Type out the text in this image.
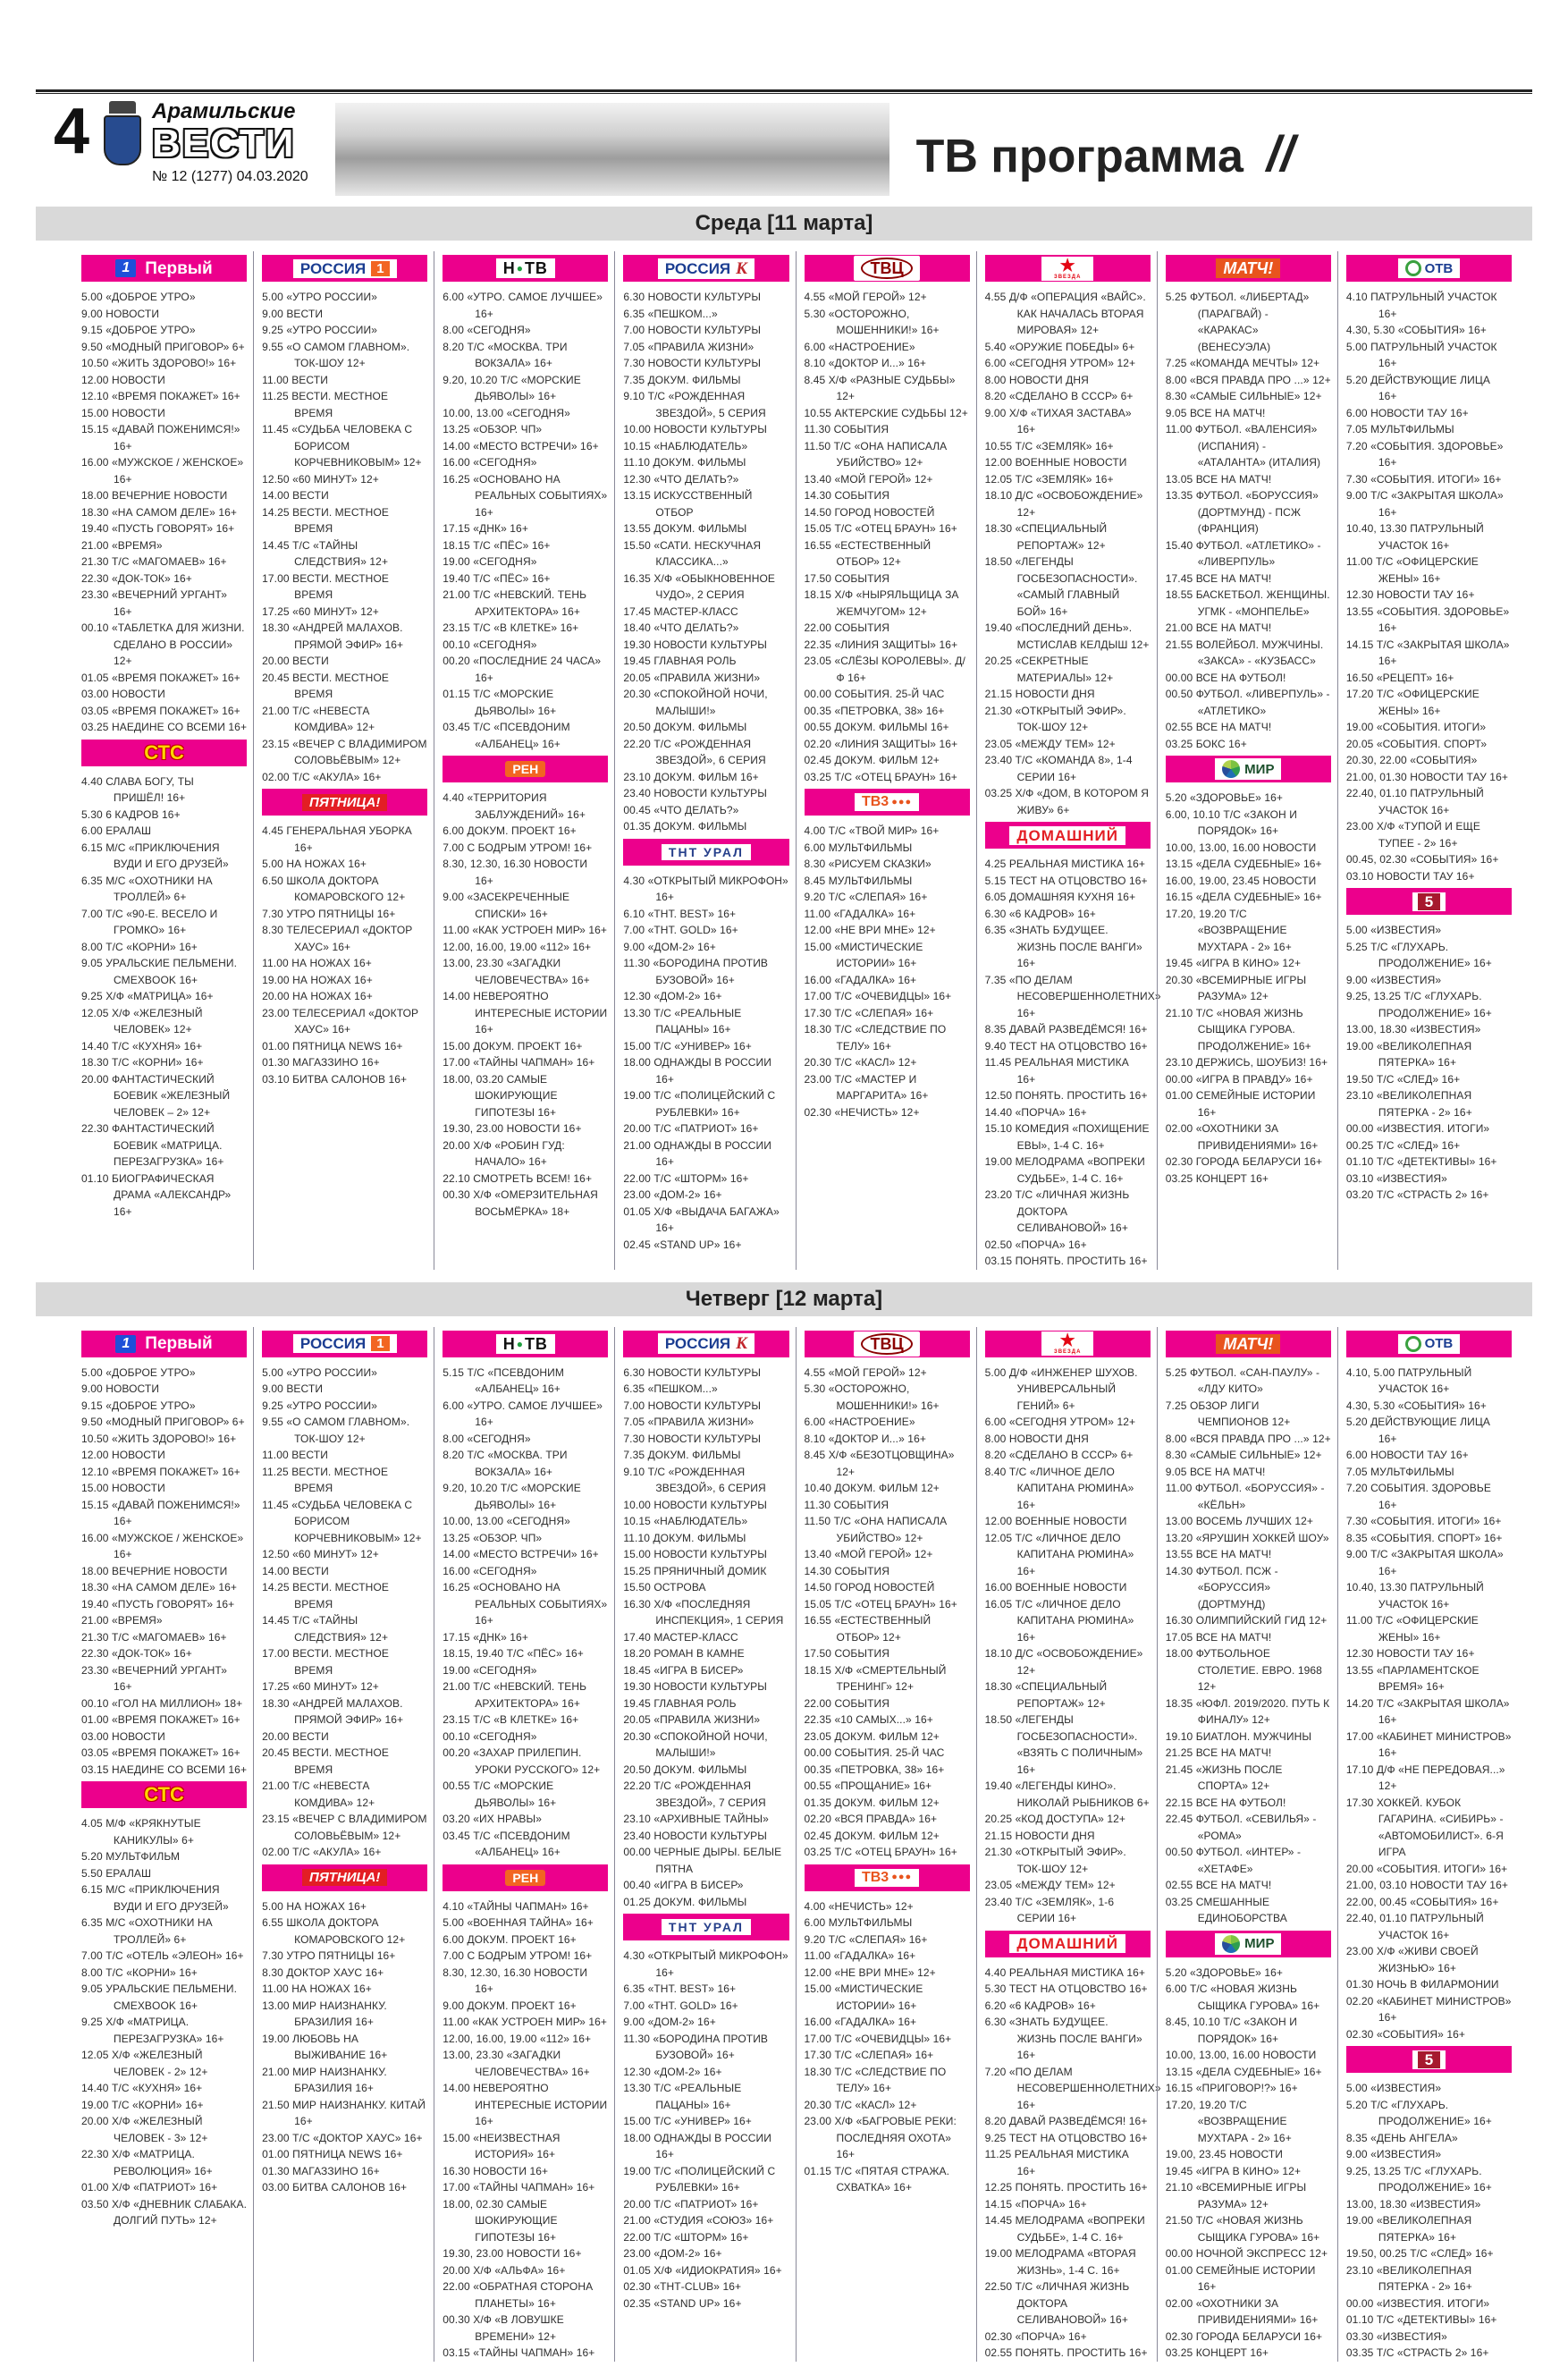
4	Арамильские
ВЕСТИ
№ 12 (1277) 04.03.2020	ТВ программа //
Среда [11 марта]
1 Первый
5.00 «ДОБРОЕ УТРО»
9.00 НОВОСТИ
9.15 «ДОБРОЕ УТРО»
9.50 «МОДНЫЙ ПРИГОВОР» 6+
10.50 «ЖИТЬ ЗДОРОВО!» 16+
12.00 НОВОСТИ
12.10 «ВРЕМЯ ПОКАЖЕТ» 16+
15.00 НОВОСТИ
15.15 «ДАВАЙ ПОЖЕНИМСЯ!» 16+
16.00 «МУЖСКОЕ / ЖЕНСКОЕ» 16+
18.00 ВЕЧЕРНИЕ НОВОСТИ
18.30 «НА САМОМ ДЕЛЕ» 16+
19.40 «ПУСТЬ ГОВОРЯТ» 16+
21.00 «ВРЕМЯ»
21.30 Т/С «МАГОМАЕВ» 16+
22.30 «ДОК-ТОК» 16+
23.30 «ВЕЧЕРНИЙ УРГАНТ» 16+
00.10 «ТАБЛЕТКА ДЛЯ ЖИЗНИ. СДЕЛАНО В РОССИИ» 12+
01.05 «ВРЕМЯ ПОКАЖЕТ» 16+
03.00 НОВОСТИ
03.05 «ВРЕМЯ ПОКАЖЕТ» 16+
03.25 НАЕДИНЕ СО ВСЕМИ 16+
СТС
4.40 СЛАВА БОГУ, ТЫ ПРИШЁЛ! 16+
5.30 6 КАДРОВ 16+
6.00 ЕРАЛАШ
6.15 М/С «ПРИКЛЮЧЕНИЯ ВУДИ И ЕГО ДРУЗЕЙ»
6.35 М/С «ОХОТНИКИ НА ТРОЛЛЕЙ» 6+
7.00 Т/С «90-Е. ВЕСЕЛО И ГРОМКО» 16+
8.00 Т/С «КОРНИ» 16+
9.05 УРАЛЬСКИЕ ПЕЛЬМЕНИ. СМЕХBOOK 16+
9.25 Х/Ф «МАТРИЦА» 16+
12.05 Х/Ф «ЖЕЛЕЗНЫЙ ЧЕЛОВЕК» 12+
14.40 Т/С «КУХНЯ» 16+
18.30 Т/С «КОРНИ» 16+
20.00 ФАНТАСТИЧЕСКИЙ БОЕВИК «ЖЕЛЕЗНЫЙ ЧЕЛОВЕК – 2» 12+
22.30 ФАНТАСТИЧЕСКИЙ БОЕВИК «МАТРИЦА. ПЕРЕЗАГРУЗКА» 16+
01.10 БИОГРАФИЧЕСКАЯ ДРАМА «АЛЕКСАНДР» 16+
РОССИЯ 1
5.00 «УТРО РОССИИ»
9.00 ВЕСТИ
9.25 «УТРО РОССИИ»
9.55 «О САМОМ ГЛАВНОМ». ТОК-ШОУ 12+
11.00 ВЕСТИ
11.25 ВЕСТИ. МЕСТНОЕ ВРЕМЯ
11.45 «СУДЬБА ЧЕЛОВЕКА С БОРИСОМ КОРЧЕВНИКОВЫМ» 12+
12.50 «60 МИНУТ» 12+
14.00 ВЕСТИ
14.25 ВЕСТИ. МЕСТНОЕ ВРЕМЯ
14.45 Т/С «ТАЙНЫ СЛЕДСТВИЯ» 12+
17.00 ВЕСТИ. МЕСТНОЕ ВРЕМЯ
17.25 «60 МИНУТ» 12+
18.30 «АНДРЕЙ МАЛАХОВ. ПРЯМОЙ ЭФИР» 16+
20.00 ВЕСТИ
20.45 ВЕСТИ. МЕСТНОЕ ВРЕМЯ
21.00 Т/С «НЕВЕСТА КОМДИВА» 12+
23.15 «ВЕЧЕР С ВЛАДИМИРОМ СОЛОВЬЁВЫМ» 12+
02.00 Т/С «АКУЛА» 16+
ПЯТНИЦА!
4.45 ГЕНЕРАЛЬНАЯ УБОРКА 16+
5.00 НА НОЖАХ 16+
6.50 ШКОЛА ДОКТОРА КОМАРОВСКОГО 12+
7.30 УТРО ПЯТНИЦЫ 16+
8.30 ТЕЛЕСЕРИАЛ «ДОКТОР ХАУС» 16+
11.00 НА НОЖАХ 16+
19.00 НА НОЖАХ 16+
20.00 НА НОЖАХ 16+
23.00 ТЕЛЕСЕРИАЛ «ДОКТОР ХАУС» 16+
01.00 ПЯТНИЦА NEWS 16+
01.30 МАГАЗЗИНО 16+
03.10 БИТВА САЛОНОВ 16+
Н ● ТВ
6.00 «УТРО. САМОЕ ЛУЧШЕЕ» 16+
8.00 «СЕГОДНЯ»
8.20 Т/С «МОСКВА. ТРИ ВОКЗАЛА» 16+
9.20, 10.20 Т/С «МОРСКИЕ ДЬЯВОЛЫ» 16+
10.00, 13.00 «СЕГОДНЯ»
13.25 «ОБЗОР. ЧП»
14.00 «МЕСТО ВСТРЕЧИ» 16+
16.00 «СЕГОДНЯ»
16.25 «ОСНОВАНО НА РЕАЛЬНЫХ СОБЫТИЯХ» 16+
17.15 «ДНК» 16+
18.15 Т/С «ПЁС» 16+
19.00 «СЕГОДНЯ»
19.40 Т/С «ПЁС» 16+
21.00 Т/С «НЕВСКИЙ. ТЕНЬ АРХИТЕКТОРА» 16+
23.15 Т/С «В КЛЕТКЕ» 16+
00.10 «СЕГОДНЯ»
00.20 «ПОСЛЕДНИЕ 24 ЧАСА» 16+
01.15 Т/С «МОРСКИЕ ДЬЯВОЛЫ» 16+
03.45 Т/С «ПСЕВДОНИМ «АЛБАНЕЦ» 16+
РЕН
4.40 «ТЕРРИТОРИЯ ЗАБЛУЖДЕНИЙ» 16+
6.00 ДОКУМ. ПРОЕКТ 16+
7.00 С БОДРЫМ УТРОМ! 16+
8.30, 12.30, 16.30 НОВОСТИ 16+
9.00 «ЗАСЕКРЕЧЕННЫЕ СПИСКИ» 16+
11.00 «КАК УСТРОЕН МИР» 16+
12.00, 16.00, 19.00 «112» 16+
13.00, 23.30 «ЗАГАДКИ ЧЕЛОВЕЧЕСТВА» 16+
14.00 НЕВЕРОЯТНО ИНТЕРЕСНЫЕ ИСТОРИИ 16+
15.00 ДОКУМ. ПРОЕКТ 16+
17.00 «ТАЙНЫ ЧАПМАН» 16+
18.00, 03.20 САМЫЕ ШОКИРУЮЩИЕ ГИПОТЕЗЫ 16+
19.30, 23.00 НОВОСТИ 16+
20.00 Х/Ф «РОБИН ГУД: НАЧАЛО» 16+
22.10 СМОТРЕТЬ ВСЕМ! 16+
00.30 Х/Ф «ОМЕРЗИТЕЛЬНАЯ ВОСЬМЁРКА» 18+
РОССИЯ К
6.30 НОВОСТИ КУЛЬТУРЫ
6.35 «ПЕШКОМ...»
7.00 НОВОСТИ КУЛЬТУРЫ
7.05 «ПРАВИЛА ЖИЗНИ»
7.30 НОВОСТИ КУЛЬТУРЫ
7.35 ДОКУМ. ФИЛЬМЫ
9.10 Т/С «РОЖДЕННАЯ ЗВЕЗДОЙ», 5 СЕРИЯ
10.00 НОВОСТИ КУЛЬТУРЫ
10.15 «НАБЛЮДАТЕЛЬ»
11.10 ДОКУМ. ФИЛЬМЫ
12.30 «ЧТО ДЕЛАТЬ?»
13.15 ИСКУССТВЕННЫЙ ОТБОР
13.55 ДОКУМ. ФИЛЬМЫ
15.50 «САТИ. НЕСКУЧНАЯ КЛАССИКА...»
16.35 Х/Ф «ОБЫКНОВЕННОЕ ЧУДО», 2 СЕРИЯ
17.45 МАСТЕР-КЛАСС
18.40 «ЧТО ДЕЛАТЬ?»
19.30 НОВОСТИ КУЛЬТУРЫ
19.45 ГЛАВНАЯ РОЛЬ
20.05 «ПРАВИЛА ЖИЗНИ»
20.30 «СПОКОЙНОЙ НОЧИ, МАЛЫШИ!»
20.50 ДОКУМ. ФИЛЬМЫ
22.20 Т/С «РОЖДЕННАЯ ЗВЕЗДОЙ», 6 СЕРИЯ
23.10 ДОКУМ. ФИЛЬМ 16+
23.40 НОВОСТИ КУЛЬТУРЫ
00.45 «ЧТО ДЕЛАТЬ?»
01.35 ДОКУМ. ФИЛЬМЫ
ТНТ УРАЛ
4.30 «ОТКРЫТЫЙ МИКРОФОН» 16+
6.10 «ТНТ. BEST» 16+
7.00 «ТНТ. GOLD» 16+
9.00 «ДОМ-2» 16+
11.30 «БОРОДИНА ПРОТИВ БУЗОВОЙ» 16+
12.30 «ДОМ-2» 16+
13.30 Т/С «РЕАЛЬНЫЕ ПАЦАНЫ» 16+
15.00 Т/С «УНИВЕР» 16+
18.00 ОДНАЖДЫ В РОССИИ 16+
19.00 Т/С «ПОЛИЦЕЙСКИЙ С РУБЛЕВКИ» 16+
20.00 Т/С «ПАТРИОТ» 16+
21.00 ОДНАЖДЫ В РОССИИ 16+
22.00 Т/С «ШТОРМ» 16+
23.00 «ДОМ-2» 16+
01.05 Х/Ф «ВЫДАЧА БАГАЖА» 16+
02.45 «STAND UP» 16+
ТВЦ
4.55 «МОЙ ГЕРОЙ» 12+
5.30 «ОСТОРОЖНО, МОШЕННИКИ!» 16+
6.00 «НАСТРОЕНИЕ»
8.10 «ДОКТОР И...» 16+
8.45 Х/Ф «РАЗНЫЕ СУДЬБЫ» 12+
10.55 АКТЕРСКИЕ СУДЬБЫ 12+
11.30 СОБЫТИЯ
11.50 Т/С «ОНА НАПИСАЛА УБИЙСТВО» 12+
13.40 «МОЙ ГЕРОЙ» 12+
14.30 СОБЫТИЯ
14.50 ГОРОД НОВОСТЕЙ
15.05 Т/С «ОТЕЦ БРАУН» 16+
16.55 «ЕСТЕСТВЕННЫЙ ОТБОР» 12+
17.50 СОБЫТИЯ
18.15 Х/Ф «НЫРЯЛЬЩИЦА ЗА ЖЕМЧУГОМ» 12+
22.00 СОБЫТИЯ
22.35 «ЛИНИЯ ЗАЩИТЫ» 16+
23.05 «СЛЁЗЫ КОРОЛЕВЫ». Д/Ф 16+
00.00 СОБЫТИЯ. 25-Й ЧАС
00.35 «ПЕТРОВКА, 38» 16+
00.55 ДОКУМ. ФИЛЬМЫ 16+
02.20 «ЛИНИЯ ЗАЩИТЫ» 16+
02.45 ДОКУМ. ФИЛЬМ 12+
03.25 Т/С «ОТЕЦ БРАУН» 16+
ТВ3 ●●●
4.00 Т/С «ТВОЙ МИР» 16+
6.00 МУЛЬТФИЛЬМЫ
8.30 «РИСУЕМ СКАЗКИ»
8.45 МУЛЬТФИЛЬМЫ
9.20 Т/С «СЛЕПАЯ» 16+
11.00 «ГАДАЛКА» 16+
12.00 «НЕ ВРИ МНЕ» 12+
15.00 «МИСТИЧЕСКИЕ ИСТОРИИ» 16+
16.00 «ГАДАЛКА» 16+
17.00 Т/С «ОЧЕВИДЦЫ» 16+
17.30 Т/С «СЛЕПАЯ» 16+
18.30 Т/С «СЛЕДСТВИЕ ПО ТЕЛУ» 16+
20.30 Т/С «КАСЛ» 12+
23.00 Т/С «МАСТЕР И МАРГАРИТА» 16+
02.30 «НЕЧИСТЬ» 12+
★
ЗВЕЗДА
4.55 Д/Ф «ОПЕРАЦИЯ «ВАЙС». КАК НАЧАЛАСЬ ВТОРАЯ МИРОВАЯ» 12+
5.40 «ОРУЖИЕ ПОБЕДЫ» 6+
6.00 «СЕГОДНЯ УТРОМ» 12+
8.00 НОВОСТИ ДНЯ
8.20 «СДЕЛАНО В СССР» 6+
9.00 Х/Ф «ТИХАЯ ЗАСТАВА» 16+
10.55 Т/С «ЗЕМЛЯК» 16+
12.00 ВОЕННЫЕ НОВОСТИ
12.05 Т/С «ЗЕМЛЯК» 16+
18.10 Д/С «ОСВОБОЖДЕНИЕ» 12+
18.30 «СПЕЦИАЛЬНЫЙ РЕПОРТАЖ» 12+
18.50 «ЛЕГЕНДЫ ГОСБЕЗОПАСНОСТИ». «САМЫЙ ГЛАВНЫЙ БОЙ» 16+
19.40 «ПОСЛЕДНИЙ ДЕНЬ». МСТИСЛАВ КЕЛДЫШ 12+
20.25 «СЕКРЕТНЫЕ МАТЕРИАЛЫ» 12+
21.15 НОВОСТИ ДНЯ
21.30 «ОТКРЫТЫЙ ЭФИР». ТОК-ШОУ 12+
23.05 «МЕЖДУ ТЕМ» 12+
23.40 Т/С «КОМАНДА 8», 1-4 СЕРИИ 16+
03.25 Х/Ф «ДОМ, В КОТОРОМ Я ЖИВУ» 6+
ДОМАШНИЙ
4.25 РЕАЛЬНАЯ МИСТИКА 16+
5.15 ТЕСТ НА ОТЦОВСТВО 16+
6.05 ДОМАШНЯЯ КУХНЯ 16+
6.30 «6 КАДРОВ» 16+
6.35 «ЗНАТЬ БУДУЩЕЕ. ЖИЗНЬ ПОСЛЕ ВАНГИ» 16+
7.35 «ПО ДЕЛАМ НЕСОВЕРШЕННОЛЕТНИХ» 16+
8.35 ДАВАЙ РАЗВЕДЁМСЯ! 16+
9.40 ТЕСТ НА ОТЦОВСТВО 16+
11.45 РЕАЛЬНАЯ МИСТИКА 16+
12.50 ПОНЯТЬ. ПРОСТИТЬ 16+
14.40 «ПОРЧА» 16+
15.10 КОМЕДИЯ «ПОХИЩЕНИЕ ЕВЫ», 1-4 С. 16+
19.00 МЕЛОДРАМА «ВОПРЕКИ СУДЬБЕ», 1-4 С. 16+
23.20 Т/С «ЛИЧНАЯ ЖИЗНЬ ДОКТОРА СЕЛИВАНОВОЙ» 16+
02.50 «ПОРЧА» 16+
03.15 ПОНЯТЬ. ПРОСТИТЬ 16+
МАТЧ!
5.25 ФУТБОЛ. «ЛИБЕРТАД» (ПАРАГВАЙ) - «КАРАКАС» (ВЕНЕСУЭЛА)
7.25 «КОМАНДА МЕЧТЫ» 12+
8.00 «ВСЯ ПРАВДА ПРО ...» 12+
8.30 «САМЫЕ СИЛЬНЫЕ» 12+
9.05 ВСЕ НА МАТЧ!
11.00 ФУТБОЛ. «ВАЛЕНСИЯ» (ИСПАНИЯ) - «АТАЛАНТА» (ИТАЛИЯ)
13.05 ВСЕ НА МАТЧ!
13.35 ФУТБОЛ. «БОРУССИЯ» (ДОРТМУНД) - ПСЖ (ФРАНЦИЯ)
15.40 ФУТБОЛ. «АТЛЕТИКО» - «ЛИВЕРПУЛЬ»
17.45 ВСЕ НА МАТЧ!
18.55 БАСКЕТБОЛ. ЖЕНЩИНЫ. УГМК - «МОНПЕЛЬЕ»
21.00 ВСЕ НА МАТЧ!
21.55 ВОЛЕЙБОЛ. МУЖЧИНЫ. «ЗАКСА» - «КУЗБАСС»
00.00 ВСЕ НА ФУТБОЛ!
00.50 ФУТБОЛ. «ЛИВЕРПУЛЬ» - «АТЛЕТИКО»
02.55 ВСЕ НА МАТЧ!
03.25 БОКС 16+
МИР
5.20 «ЗДОРОВЬЕ» 16+
6.00, 10.10 Т/С «ЗАКОН И ПОРЯДОК» 16+
10.00, 13.00, 16.00 НОВОСТИ
13.15 «ДЕЛА СУДЕБНЫЕ» 16+
16.00, 19.00, 23.45 НОВОСТИ
16.15 «ДЕЛА СУДЕБНЫЕ» 16+
17.20, 19.20 Т/С «ВОЗВРАЩЕНИЕ МУХТАРА - 2» 16+
19.45 «ИГРА В КИНО» 12+
20.30 «ВСЕМИРНЫЕ ИГРЫ РАЗУМА» 12+
21.10 Т/С «НОВАЯ ЖИЗНЬ СЫЩИКА ГУРОВА. ПРОДОЛЖЕНИЕ» 16+
23.10 ДЕРЖИСЬ, ШОУБИЗ! 16+
00.00 «ИГРА В ПРАВДУ» 16+
01.00 СЕМЕЙНЫЕ ИСТОРИИ 16+
02.00 «ОХОТНИКИ ЗА ПРИВИДЕНИЯМИ» 16+
02.30 ГОРОДА БЕЛАРУСИ 16+
03.25 КОНЦЕРТ 16+
ОТВ
4.10 ПАТРУЛЬНЫЙ УЧАСТОК 16+
4.30, 5.30 «СОБЫТИЯ» 16+
5.00 ПАТРУЛЬНЫЙ УЧАСТОК 16+
5.20 ДЕЙСТВУЮЩИЕ ЛИЦА 16+
6.00 НОВОСТИ ТАУ 16+
7.05 МУЛЬТФИЛЬМЫ
7.20 «СОБЫТИЯ. ЗДОРОВЬЕ» 16+
7.30 «СОБЫТИЯ. ИТОГИ» 16+
9.00 Т/С «ЗАКРЫТАЯ ШКОЛА» 16+
10.40, 13.30 ПАТРУЛЬНЫЙ УЧАСТОК 16+
11.00 Т/С «ОФИЦЕРСКИЕ ЖЕНЫ» 16+
12.30 НОВОСТИ ТАУ 16+
13.55 «СОБЫТИЯ. ЗДОРОВЬЕ» 16+
14.15 Т/С «ЗАКРЫТАЯ ШКОЛА» 16+
16.50 «РЕЦЕПТ» 16+
17.20 Т/С «ОФИЦЕРСКИЕ ЖЕНЫ» 16+
19.00 «СОБЫТИЯ. ИТОГИ»
20.05 «СОБЫТИЯ. СПОРТ»
20.30, 22.00 «СОБЫТИЯ»
21.00, 01.30 НОВОСТИ ТАУ 16+
22.40, 01.10 ПАТРУЛЬНЫЙ УЧАСТОК 16+
23.00 Х/Ф «ТУПОЙ И ЕЩЕ ТУПЕЕ - 2» 16+
00.45, 02.30 «СОБЫТИЯ» 16+
03.10 НОВОСТИ ТАУ 16+
5
5.00 «ИЗВЕСТИЯ»
5.25 Т/С «ГЛУХАРЬ. ПРОДОЛЖЕНИЕ» 16+
9.00 «ИЗВЕСТИЯ»
9.25, 13.25 Т/С «ГЛУХАРЬ. ПРОДОЛЖЕНИЕ» 16+
13.00, 18.30 «ИЗВЕСТИЯ»
19.00 «ВЕЛИКОЛЕПНАЯ ПЯТЕРКА» 16+
19.50 Т/С «СЛЕД» 16+
23.10 «ВЕЛИКОЛЕПНАЯ ПЯТЕРКА - 2» 16+
00.00 «ИЗВЕСТИЯ. ИТОГИ»
00.25 Т/С «СЛЕД» 16+
01.10 Т/С «ДЕТЕКТИВЫ» 16+
03.10 «ИЗВЕСТИЯ»
03.20 Т/С «СТРАСТЬ 2» 16+
Четверг [12 марта]
1 Первый
5.00 «ДОБРОЕ УТРО»
9.00 НОВОСТИ
9.15 «ДОБРОЕ УТРО»
9.50 «МОДНЫЙ ПРИГОВОР» 6+
10.50 «ЖИТЬ ЗДОРОВО!» 16+
12.00 НОВОСТИ
12.10 «ВРЕМЯ ПОКАЖЕТ» 16+
15.00 НОВОСТИ
15.15 «ДАВАЙ ПОЖЕНИМСЯ!» 16+
16.00 «МУЖСКОЕ / ЖЕНСКОЕ» 16+
18.00 ВЕЧЕРНИЕ НОВОСТИ
18.30 «НА САМОМ ДЕЛЕ» 16+
19.40 «ПУСТЬ ГОВОРЯТ» 16+
21.00 «ВРЕМЯ»
21.30 Т/С «МАГОМАЕВ» 16+
22.30 «ДОК-ТОК» 16+
23.30 «ВЕЧЕРНИЙ УРГАНТ» 16+
00.10 «ГОЛ НА МИЛЛИОН» 18+
01.00 «ВРЕМЯ ПОКАЖЕТ» 16+
03.00 НОВОСТИ
03.05 «ВРЕМЯ ПОКАЖЕТ» 16+
03.15 НАЕДИНЕ СО ВСЕМИ 16+
СТС
4.05 М/Ф «КРЯКНУТЫЕ КАНИКУЛЫ» 6+
5.20 МУЛЬТФИЛЬМ
5.50 ЕРАЛАШ
6.15 М/С «ПРИКЛЮЧЕНИЯ ВУДИ И ЕГО ДРУЗЕЙ»
6.35 М/С «ОХОТНИКИ НА ТРОЛЛЕЙ» 6+
7.00 Т/С «ОТЕЛЬ «ЭЛЕОН» 16+
8.00 Т/С «КОРНИ» 16+
9.05 УРАЛЬСКИЕ ПЕЛЬМЕНИ. СМЕХBOOK 16+
9.25 Х/Ф «МАТРИЦА. ПЕРЕЗАГРУЗКА» 16+
12.05 Х/Ф «ЖЕЛЕЗНЫЙ ЧЕЛОВЕК - 2» 12+
14.40 Т/С «КУХНЯ» 16+
19.00 Т/С «КОРНИ» 16+
20.00 Х/Ф «ЖЕЛЕЗНЫЙ ЧЕЛОВЕК - 3» 12+
22.30 Х/Ф «МАТРИЦА. РЕВОЛЮЦИЯ» 16+
01.00 Х/Ф «ПАТРИОТ» 16+
03.50 Х/Ф «ДНЕВНИК СЛАБАКА. ДОЛГИЙ ПУТЬ» 12+
РОССИЯ 1
5.00 «УТРО РОССИИ»
9.00 ВЕСТИ
9.25 «УТРО РОССИИ»
9.55 «О САМОМ ГЛАВНОМ». ТОК-ШОУ 12+
11.00 ВЕСТИ
11.25 ВЕСТИ. МЕСТНОЕ ВРЕМЯ
11.45 «СУДЬБА ЧЕЛОВЕКА С БОРИСОМ КОРЧЕВНИКОВЫМ» 12+
12.50 «60 МИНУТ» 12+
14.00 ВЕСТИ
14.25 ВЕСТИ. МЕСТНОЕ ВРЕМЯ
14.45 Т/С «ТАЙНЫ СЛЕДСТВИЯ» 12+
17.00 ВЕСТИ. МЕСТНОЕ ВРЕМЯ
17.25 «60 МИНУТ» 12+
18.30 «АНДРЕЙ МАЛАХОВ. ПРЯМОЙ ЭФИР» 16+
20.00 ВЕСТИ
20.45 ВЕСТИ. МЕСТНОЕ ВРЕМЯ
21.00 Т/С «НЕВЕСТА КОМДИВА» 12+
23.15 «ВЕЧЕР С ВЛАДИМИРОМ СОЛОВЬЁВЫМ» 12+
02.00 Т/С «АКУЛА» 16+
ПЯТНИЦА!
5.00 НА НОЖАХ 16+
6.55 ШКОЛА ДОКТОРА КОМАРОВСКОГО 12+
7.30 УТРО ПЯТНИЦЫ 16+
8.30 ДОКТОР ХАУС 16+
11.00 НА НОЖАХ 16+
13.00 МИР НАИЗНАНКУ. БРАЗИЛИЯ 16+
19.00 ЛЮБОВЬ НА ВЫЖИВАНИЕ 16+
21.00 МИР НАИЗНАНКУ. БРАЗИЛИЯ 16+
21.50 МИР НАИЗНАНКУ. КИТАЙ 16+
23.00 Т/С «ДОКТОР ХАУС» 16+
01.00 ПЯТНИЦА NEWS 16+
01.30 МАГАЗЗИНО 16+
03.00 БИТВА САЛОНОВ 16+
Н ● ТВ
5.15 Т/С «ПСЕВДОНИМ «АЛБАНЕЦ» 16+
6.00 «УТРО. САМОЕ ЛУЧШЕЕ» 16+
8.00 «СЕГОДНЯ»
8.20 Т/С «МОСКВА. ТРИ ВОКЗАЛА» 16+
9.20, 10.20 Т/С «МОРСКИЕ ДЬЯВОЛЫ» 16+
10.00, 13.00 «СЕГОДНЯ»
13.25 «ОБЗОР. ЧП»
14.00 «МЕСТО ВСТРЕЧИ» 16+
16.00 «СЕГОДНЯ»
16.25 «ОСНОВАНО НА РЕАЛЬНЫХ СОБЫТИЯХ» 16+
17.15 «ДНК» 16+
18.15, 19.40 Т/С «ПЁС» 16+
19.00 «СЕГОДНЯ»
21.00 Т/С «НЕВСКИЙ. ТЕНЬ АРХИТЕКТОРА» 16+
23.15 Т/С «В КЛЕТКЕ» 16+
00.10 «СЕГОДНЯ»
00.20 «ЗАХАР ПРИЛЕПИН. УРОКИ РУССКОГО» 12+
00.55 Т/С «МОРСКИЕ ДЬЯВОЛЫ» 16+
03.20 «ИХ НРАВЫ»
03.45 Т/С «ПСЕВДОНИМ «АЛБАНЕЦ» 16+
РЕН
4.10 «ТАЙНЫ ЧАПМАН» 16+
5.00 «ВОЕННАЯ ТАЙНА» 16+
6.00 ДОКУМ. ПРОЕКТ 16+
7.00 С БОДРЫМ УТРОМ! 16+
8.30, 12.30, 16.30 НОВОСТИ 16+
9.00 ДОКУМ. ПРОЕКТ 16+
11.00 «КАК УСТРОЕН МИР» 16+
12.00, 16.00, 19.00 «112» 16+
13.00, 23.30 «ЗАГАДКИ ЧЕЛОВЕЧЕСТВА» 16+
14.00 НЕВЕРОЯТНО ИНТЕРЕСНЫЕ ИСТОРИИ 16+
15.00 «НЕИЗВЕСТНАЯ ИСТОРИЯ» 16+
16.30 НОВОСТИ 16+
17.00 «ТАЙНЫ ЧАПМАН» 16+
18.00, 02.30 САМЫЕ ШОКИРУЮЩИЕ ГИПОТЕЗЫ 16+
19.30, 23.00 НОВОСТИ 16+
20.00 Х/Ф «АЛЬФА» 16+
22.00 «ОБРАТНАЯ СТОРОНА ПЛАНЕТЫ» 16+
00.30 Х/Ф «В ЛОВУШКЕ ВРЕМЕНИ» 12+
03.15 «ТАЙНЫ ЧАПМАН» 16+
РОССИЯ К
6.30 НОВОСТИ КУЛЬТУРЫ
6.35 «ПЕШКОМ...»
7.00 НОВОСТИ КУЛЬТУРЫ
7.05 «ПРАВИЛА ЖИЗНИ»
7.30 НОВОСТИ КУЛЬТУРЫ
7.35 ДОКУМ. ФИЛЬМЫ
9.10 Т/С «РОЖДЕННАЯ ЗВЕЗДОЙ», 6 СЕРИЯ
10.00 НОВОСТИ КУЛЬТУРЫ
10.15 «НАБЛЮДАТЕЛЬ»
11.10 ДОКУМ. ФИЛЬМЫ
15.00 НОВОСТИ КУЛЬТУРЫ
15.25 ПРЯНИЧНЫЙ ДОМИК
15.50 ОСТРОВА
16.30 Х/Ф «ПОСЛЕДНЯЯ ИНСПЕКЦИЯ», 1 СЕРИЯ
17.40 МАСТЕР-КЛАСС
18.20 РОМАН В КАМНЕ
18.45 «ИГРА В БИСЕР»
19.30 НОВОСТИ КУЛЬТУРЫ
19.45 ГЛАВНАЯ РОЛЬ
20.05 «ПРАВИЛА ЖИЗНИ»
20.30 «СПОКОЙНОЙ НОЧИ, МАЛЫШИ!»
20.50 ДОКУМ. ФИЛЬМЫ
22.20 Т/С «РОЖДЕННАЯ ЗВЕЗДОЙ», 7 СЕРИЯ
23.10 «АРХИВНЫЕ ТАЙНЫ»
23.40 НОВОСТИ КУЛЬТУРЫ
00.00 ЧЕРНЫЕ ДЫРЫ. БЕЛЫЕ ПЯТНА
00.40 «ИГРА В БИСЕР»
01.25 ДОКУМ. ФИЛЬМЫ
ТНТ УРАЛ
4.30 «ОТКРЫТЫЙ МИКРОФОН» 16+
6.35 «ТНТ. BEST» 16+
7.00 «ТНТ. GOLD» 16+
9.00 «ДОМ-2» 16+
11.30 «БОРОДИНА ПРОТИВ БУЗОВОЙ» 16+
12.30 «ДОМ-2» 16+
13.30 Т/С «РЕАЛЬНЫЕ ПАЦАНЫ» 16+
15.00 Т/С «УНИВЕР» 16+
18.00 ОДНАЖДЫ В РОССИИ 16+
19.00 Т/С «ПОЛИЦЕЙСКИЙ С РУБЛЕВКИ» 16+
20.00 Т/С «ПАТРИОТ» 16+
21.00 «СТУДИЯ «СОЮЗ» 16+
22.00 Т/С «ШТОРМ» 16+
23.00 «ДОМ-2» 16+
01.05 Х/Ф «ИДИОКРАТИЯ» 16+
02.30 «ТНТ-CLUB» 16+
02.35 «STAND UP» 16+
ТВЦ
4.55 «МОЙ ГЕРОЙ» 12+
5.30 «ОСТОРОЖНО, МОШЕННИКИ!» 16+
6.00 «НАСТРОЕНИЕ»
8.10 «ДОКТОР И...» 16+
8.45 Х/Ф «БЕЗОТЦОВЩИНА» 12+
10.40 ДОКУМ. ФИЛЬМ 12+
11.30 СОБЫТИЯ
11.50 Т/С «ОНА НАПИСАЛА УБИЙСТВО» 12+
13.40 «МОЙ ГЕРОЙ» 12+
14.30 СОБЫТИЯ
14.50 ГОРОД НОВОСТЕЙ
15.05 Т/С «ОТЕЦ БРАУН» 16+
16.55 «ЕСТЕСТВЕННЫЙ ОТБОР» 12+
17.50 СОБЫТИЯ
18.15 Х/Ф «СМЕРТЕЛЬНЫЙ ТРЕНИНГ» 12+
22.00 СОБЫТИЯ
22.35 «10 САМЫХ...» 16+
23.05 ДОКУМ. ФИЛЬМ 12+
00.00 СОБЫТИЯ. 25-Й ЧАС
00.35 «ПЕТРОВКА, 38» 16+
00.55 «ПРОЩАНИЕ» 16+
01.35 ДОКУМ. ФИЛЬМ 12+
02.20 «ВСЯ ПРАВДА» 16+
02.45 ДОКУМ. ФИЛЬМ 12+
03.25 Т/С «ОТЕЦ БРАУН» 16+
ТВ3 ●●●
4.00 «НЕЧИСТЬ» 12+
6.00 МУЛЬТФИЛЬМЫ
9.20 Т/С «СЛЕПАЯ» 16+
11.00 «ГАДАЛКА» 16+
12.00 «НЕ ВРИ МНЕ» 12+
15.00 «МИСТИЧЕСКИЕ ИСТОРИИ» 16+
16.00 «ГАДАЛКА» 16+
17.00 Т/С «ОЧЕВИДЦЫ» 16+
17.30 Т/С «СЛЕПАЯ» 16+
18.30 Т/С «СЛЕДСТВИЕ ПО ТЕЛУ» 16+
20.30 Т/С «КАСЛ» 12+
23.00 Х/Ф «БАГРОВЫЕ РЕКИ: ПОСЛЕДНЯЯ ОХОТА» 16+
01.15 Т/С «ПЯТАЯ СТРАЖА. СХВАТКА» 16+
★
ЗВЕЗДА
5.00 Д/Ф «ИНЖЕНЕР ШУХОВ. УНИВЕРСАЛЬНЫЙ ГЕНИЙ» 6+
6.00 «СЕГОДНЯ УТРОМ» 12+
8.00 НОВОСТИ ДНЯ
8.20 «СДЕЛАНО В СССР» 6+
8.40 Т/С «ЛИЧНОЕ ДЕЛО КАПИТАНА РЮМИНА» 16+
12.00 ВОЕННЫЕ НОВОСТИ
12.05 Т/С «ЛИЧНОЕ ДЕЛО КАПИТАНА РЮМИНА» 16+
16.00 ВОЕННЫЕ НОВОСТИ
16.05 Т/С «ЛИЧНОЕ ДЕЛО КАПИТАНА РЮМИНА» 16+
18.10 Д/С «ОСВОБОЖДЕНИЕ» 12+
18.30 «СПЕЦИАЛЬНЫЙ РЕПОРТАЖ» 12+
18.50 «ЛЕГЕНДЫ ГОСБЕЗОПАСНОСТИ». «ВЗЯТЬ С ПОЛИЧНЫМ» 16+
19.40 «ЛЕГЕНДЫ КИНО». НИКОЛАЙ РЫБНИКОВ 6+
20.25 «КОД ДОСТУПА» 12+
21.15 НОВОСТИ ДНЯ
21.30 «ОТКРЫТЫЙ ЭФИР». ТОК-ШОУ 12+
23.05 «МЕЖДУ ТЕМ» 12+
23.40 Т/С «ЗЕМЛЯК», 1-6 СЕРИИ 16+
ДОМАШНИЙ
4.40 РЕАЛЬНАЯ МИСТИКА 16+
5.30 ТЕСТ НА ОТЦОВСТВО 16+
6.20 «6 КАДРОВ» 16+
6.30 «ЗНАТЬ БУДУЩЕЕ. ЖИЗНЬ ПОСЛЕ ВАНГИ» 16+
7.20 «ПО ДЕЛАМ НЕСОВЕРШЕННОЛЕТНИХ» 16+
8.20 ДАВАЙ РАЗВЕДЁМСЯ! 16+
9.25 ТЕСТ НА ОТЦОВСТВО 16+
11.25 РЕАЛЬНАЯ МИСТИКА 16+
12.25 ПОНЯТЬ. ПРОСТИТЬ 16+
14.15 «ПОРЧА» 16+
14.45 МЕЛОДРАМА «ВОПРЕКИ СУДЬБЕ», 1-4 С. 16+
19.00 МЕЛОДРАМА «ВТОРАЯ ЖИЗНЬ», 1-4 С. 16+
22.50 Т/С «ЛИЧНАЯ ЖИЗНЬ ДОКТОРА СЕЛИВАНОВОЙ» 16+
02.30 «ПОРЧА» 16+
02.55 ПОНЯТЬ. ПРОСТИТЬ 16+
МАТЧ!
5.25 ФУТБОЛ. «САН-ПАУЛУ» - «ЛДУ КИТО»
7.25 ОБЗОР ЛИГИ ЧЕМПИОНОВ 12+
8.00 «ВСЯ ПРАВДА ПРО ...» 12+
8.30 «САМЫЕ СИЛЬНЫЕ» 12+
9.05 ВСЕ НА МАТЧ!
11.00 ФУТБОЛ. «БОРУССИЯ» - «КЁЛЬН»
13.00 ВОСЕМЬ ЛУЧШИХ 12+
13.20 «ЯРУШИН ХОККЕЙ ШОУ»
13.55 ВСЕ НА МАТЧ!
14.30 ФУТБОЛ. ПСЖ - «БОРУССИЯ» (ДОРТМУНД)
16.30 ОЛИМПИЙСКИЙ ГИД 12+
17.05 ВСЕ НА МАТЧ!
18.00 ФУТБОЛЬНОЕ СТОЛЕТИЕ. ЕВРО. 1968 12+
18.35 «ЮФЛ. 2019/2020. ПУТЬ К ФИНАЛУ» 12+
19.10 БИАТЛОН. МУЖЧИНЫ
21.25 ВСЕ НА МАТЧ!
21.45 «ЖИЗНЬ ПОСЛЕ СПОРТА» 12+
22.15 ВСЕ НА ФУТБОЛ!
22.45 ФУТБОЛ. «СЕВИЛЬЯ» - «РОМА»
00.50 ФУТБОЛ. «ИНТЕР» - «ХЕТАФЕ»
02.55 ВСЕ НА МАТЧ!
03.25 СМЕШАННЫЕ ЕДИНОБОРСТВА
МИР
5.20 «ЗДОРОВЬЕ» 16+
6.00 Т/С «НОВАЯ ЖИЗНЬ СЫЩИКА ГУРОВА» 16+
8.45, 10.10 Т/С «ЗАКОН И ПОРЯДОК» 16+
10.00, 13.00, 16.00 НОВОСТИ
13.15 «ДЕЛА СУДЕБНЫЕ» 16+
16.15 «ПРИГОВОР!?» 16+
17.20, 19.20 Т/С «ВОЗВРАЩЕНИЕ МУХТАРА - 2» 16+
19.00, 23.45 НОВОСТИ
19.45 «ИГРА В КИНО» 12+
21.10 «ВСЕМИРНЫЕ ИГРЫ РАЗУМА» 12+
21.50 Т/С «НОВАЯ ЖИЗНЬ СЫЩИКА ГУРОВА» 16+
00.00 НОЧНОЙ ЭКСПРЕСС 12+
01.00 СЕМЕЙНЫЕ ИСТОРИИ 16+
02.00 «ОХОТНИКИ ЗА ПРИВИДЕНИЯМИ» 16+
02.30 ГОРОДА БЕЛАРУСИ 16+
03.25 КОНЦЕРТ 16+
ОТВ
4.10, 5.00 ПАТРУЛЬНЫЙ УЧАСТОК 16+
4.30, 5.30 «СОБЫТИЯ» 16+
5.20 ДЕЙСТВУЮЩИЕ ЛИЦА 16+
6.00 НОВОСТИ ТАУ 16+
7.05 МУЛЬТФИЛЬМЫ
7.20 СОБЫТИЯ. ЗДОРОВЬЕ 16+
7.30 «СОБЫТИЯ. ИТОГИ» 16+
8.35 «СОБЫТИЯ. СПОРТ» 16+
9.00 Т/С «ЗАКРЫТАЯ ШКОЛА» 16+
10.40, 13.30 ПАТРУЛЬНЫЙ УЧАСТОК 16+
11.00 Т/С «ОФИЦЕРСКИЕ ЖЕНЫ» 16+
12.30 НОВОСТИ ТАУ 16+
13.55 «ПАРЛАМЕНТСКОЕ ВРЕМЯ» 16+
14.20 Т/С «ЗАКРЫТАЯ ШКОЛА» 16+
17.00 «КАБИНЕТ МИНИСТРОВ» 16+
17.10 Д/Ф «НЕ ПЕРЕДОВАЯ...» 12+
17.30 ХОККЕЙ. КУБОК ГАГАРИНА. «СИБИРЬ» - «АВТОМОБИЛИСТ». 6-Я ИГРА
20.00 «СОБЫТИЯ. ИТОГИ» 16+
21.00, 03.10 НОВОСТИ ТАУ 16+
22.00, 00.45 «СОБЫТИЯ» 16+
22.40, 01.10 ПАТРУЛЬНЫЙ УЧАСТОК 16+
23.00 Х/Ф «ЖИВИ СВОЕЙ ЖИЗНЬЮ» 16+
01.30 НОЧЬ В ФИЛАРМОНИИ
02.20 «КАБИНЕТ МИНИСТРОВ» 16+
02.30 «СОБЫТИЯ» 16+
5
5.00 «ИЗВЕСТИЯ»
5.20 Т/С «ГЛУХАРЬ. ПРОДОЛЖЕНИЕ» 16+
8.35 «ДЕНЬ АНГЕЛА»
9.00 «ИЗВЕСТИЯ»
9.25, 13.25 Т/С «ГЛУХАРЬ. ПРОДОЛЖЕНИЕ» 16+
13.00, 18.30 «ИЗВЕСТИЯ»
19.00 «ВЕЛИКОЛЕПНАЯ ПЯТЕРКА» 16+
19.50, 00.25 Т/С «СЛЕД» 16+
23.10 «ВЕЛИКОЛЕПНАЯ ПЯТЕРКА - 2» 16+
00.00 «ИЗВЕСТИЯ. ИТОГИ»
01.10 Т/С «ДЕТЕКТИВЫ» 16+
03.30 «ИЗВЕСТИЯ»
03.35 Т/С «СТРАСТЬ 2» 16+
